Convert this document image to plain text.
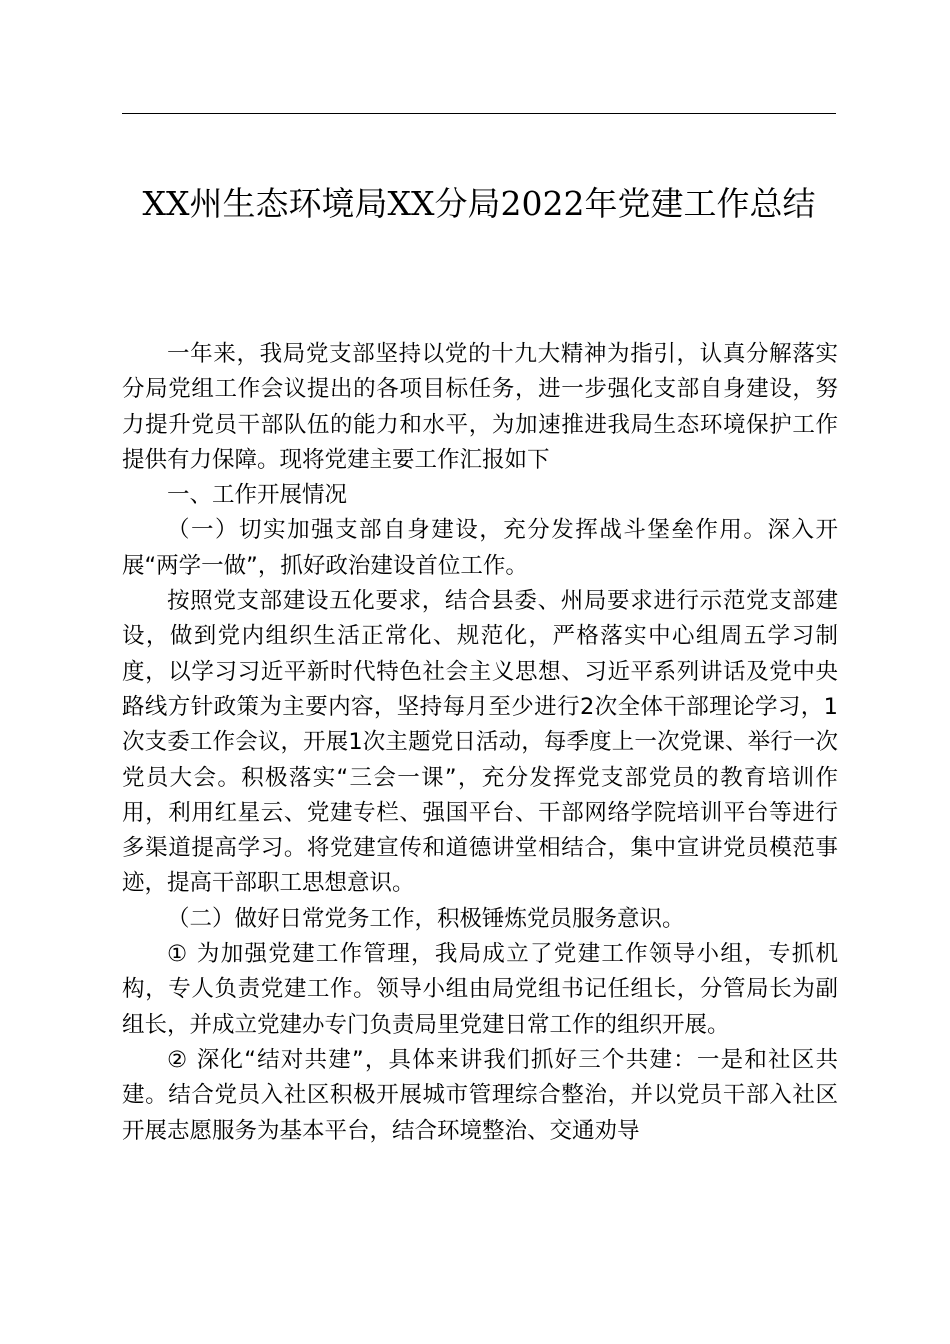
XX州生态环境局XX分局2022年党建工作总结

一年来，我局党支部坚持以党的十九大精神为指引，认真分解落实分局党组工作会议提出的各项目标任务，进一步强化支部自身建设，努力提升党员干部队伍的能力和水平，为加速推进我局生态环境保护工作提供有力保障。现将党建主要工作汇报如下

一、工作开展情况

（一）切实加强支部自身建设，充分发挥战斗堡垒作用。深入开展“两学一做”，抓好政治建设首位工作。

按照党支部建设五化要求，结合县委、州局要求进行示范党支部建设，做到党内组织生活正常化、规范化，严格落实中心组周五学习制度，以学习习近平新时代特色社会主义思想、习近平系列讲话及党中央路线方针政策为主要内容，坚持每月至少进行2次全体干部理论学习，1次支委工作会议，开展1次主题党日活动，每季度上一次党课、举行一次党员大会。积极落实“三会一课”，充分发挥党支部党员的教育培训作用，利用红星云、党建专栏、强国平台、干部网络学院培训平台等进行多渠道提高学习。将党建宣传和道德讲堂相结合，集中宣讲党员模范事迹，提高干部职工思想意识。

（二）做好日常党务工作，积极锤炼党员服务意识。

① 为加强党建工作管理，我局成立了党建工作领导小组，专抓机构，专人负责党建工作。领导小组由局党组书记任组长，分管局长为副组长，并成立党建办专门负责局里党建日常工作的组织开展。

② 深化“结对共建”，具体来讲我们抓好三个共建：一是和社区共建。结合党员入社区积极开展城市管理综合整治，并以党员干部入社区开展志愿服务为基本平台，结合环境整治、交通劝导
